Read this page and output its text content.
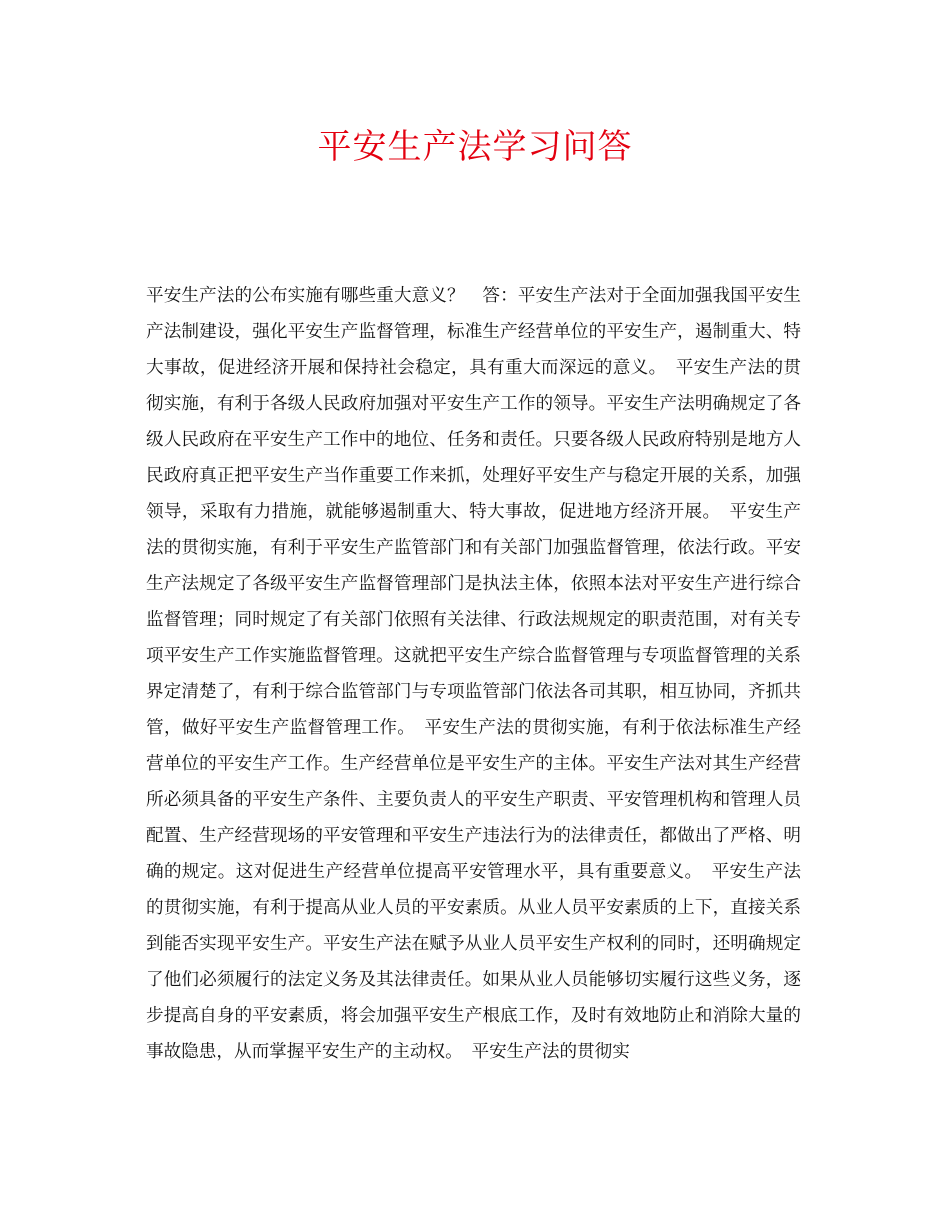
平安生产法学习问答

平安生产法的公布实施有哪些重大意义？　答：平安生产法对于全面加强我国平安生产法制建设，强化平安生产监督管理，标准生产经营单位的平安生产，遏制重大、特大事故，促进经济开展和保持社会稳定，具有重大而深远的意义。　平安生产法的贯彻实施，有利于各级人民政府加强对平安生产工作的领导。平安生产法明确规定了各级人民政府在平安生产工作中的地位、任务和责任。只要各级人民政府特别是地方人民政府真正把平安生产当作重要工作来抓，处理好平安生产与稳定开展的关系，加强领导，采取有力措施，就能够遏制重大、特大事故，促进地方经济开展。　平安生产法的贯彻实施，有利于平安生产监管部门和有关部门加强监督管理，依法行政。平安生产法规定了各级平安生产监督管理部门是执法主体，依照本法对平安生产进行综合监督管理；同时规定了有关部门依照有关法律、行政法规规定的职责范围，对有关专项平安生产工作实施监督管理。这就把平安生产综合监督管理与专项监督管理的关系界定清楚了，有利于综合监管部门与专项监管部门依法各司其职，相互协同，齐抓共管，做好平安生产监督管理工作。　平安生产法的贯彻实施，有利于依法标准生产经营单位的平安生产工作。生产经营单位是平安生产的主体。平安生产法对其生产经营所必须具备的平安生产条件、主要负责人的平安生产职责、平安管理机构和管理人员配置、生产经营现场的平安管理和平安生产违法行为的法律责任，都做出了严格、明确的规定。这对促进生产经营单位提高平安管理水平，具有重要意义。　平安生产法的贯彻实施，有利于提高从业人员的平安素质。从业人员平安素质的上下，直接关系到能否实现平安生产。平安生产法在赋予从业人员平安生产权利的同时，还明确规定了他们必须履行的法定义务及其法律责任。如果从业人员能够切实履行这些义务，逐步提高自身的平安素质，将会加强平安生产根底工作，及时有效地防止和消除大量的事故隐患，从而掌握平安生产的主动权。　平安生产法的贯彻实
